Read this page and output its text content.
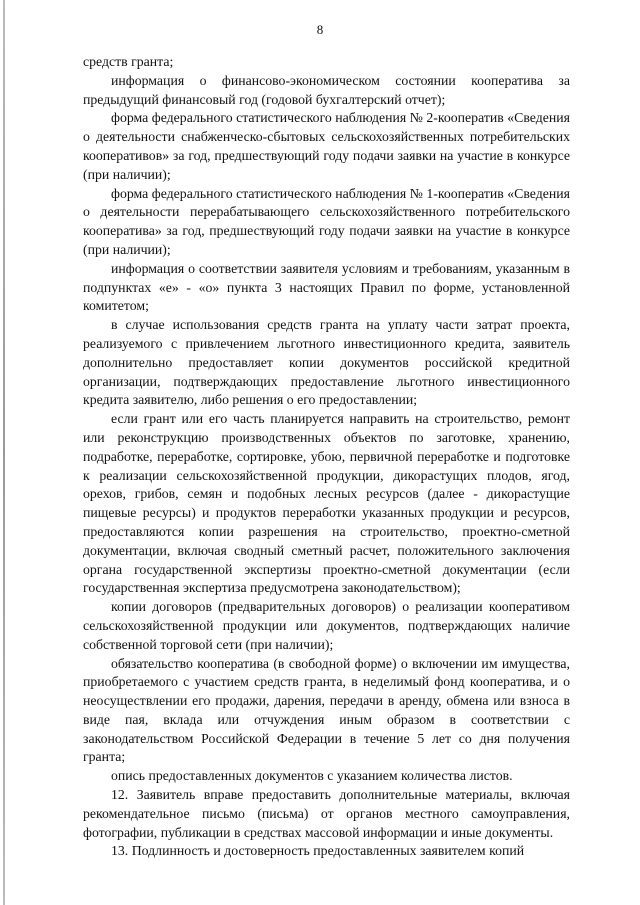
8

средств гранта;

информация о финансово-экономическом состоянии кооператива за предыдущий финансовый год (годовой бухгалтерский отчет);

форма федерального статистического наблюдения № 2-кооператив «Сведения о деятельности снабженческо-сбытовых сельскохозяйственных потребительских кооперативов» за год, предшествующий году подачи заявки на участие в конкурсе (при наличии);

форма федерального статистического наблюдения № 1-кооператив «Сведения о деятельности перерабатывающего сельскохозяйственного потребительского кооператива» за год, предшествующий году подачи заявки на участие в конкурсе (при наличии);

информация о соответствии заявителя условиям и требованиям, указанным в подпунктах «е» - «о» пункта 3 настоящих Правил по форме, установленной комитетом;

в случае использования средств гранта на уплату части затрат проекта, реализуемого с привлечением льготного инвестиционного кредита, заявитель дополнительно предоставляет копии документов российской кредитной организации, подтверждающих предоставление льготного инвестиционного кредита заявителю, либо решения о его предоставлении;

если грант или его часть планируется направить на строительство, ремонт или реконструкцию производственных объектов по заготовке, хранению, подработке, переработке, сортировке, убою, первичной переработке и подготовке к реализации сельскохозяйственной продукции, дикорастущих плодов, ягод, орехов, грибов, семян и подобных лесных ресурсов (далее - дикорастущие пищевые ресурсы) и продуктов переработки указанных продукции и ресурсов, предоставляются копии разрешения на строительство, проектно-сметной документации, включая сводный сметный расчет, положительного заключения органа государственной экспертизы проектно-сметной документации (если государственная экспертиза предусмотрена законодательством);

копии договоров (предварительных договоров) о реализации кооперативом сельскохозяйственной продукции или документов, подтверждающих наличие собственной торговой сети (при наличии);

обязательство кооператива (в свободной форме) о включении им имущества, приобретаемого с участием средств гранта, в неделимый фонд кооператива, и о неосуществлении его продажи, дарения, передачи в аренду, обмена или взноса в виде пая, вклада или отчуждения иным образом в соответствии с законодательством Российской Федерации в течение 5 лет со дня получения гранта;

опись предоставленных документов с указанием количества листов.

12. Заявитель вправе предоставить дополнительные материалы, включая рекомендательное письмо (письма) от органов местного самоуправления, фотографии, публикации в средствах массовой информации и иные документы.

13. Подлинность и достоверность предоставленных заявителем копий
